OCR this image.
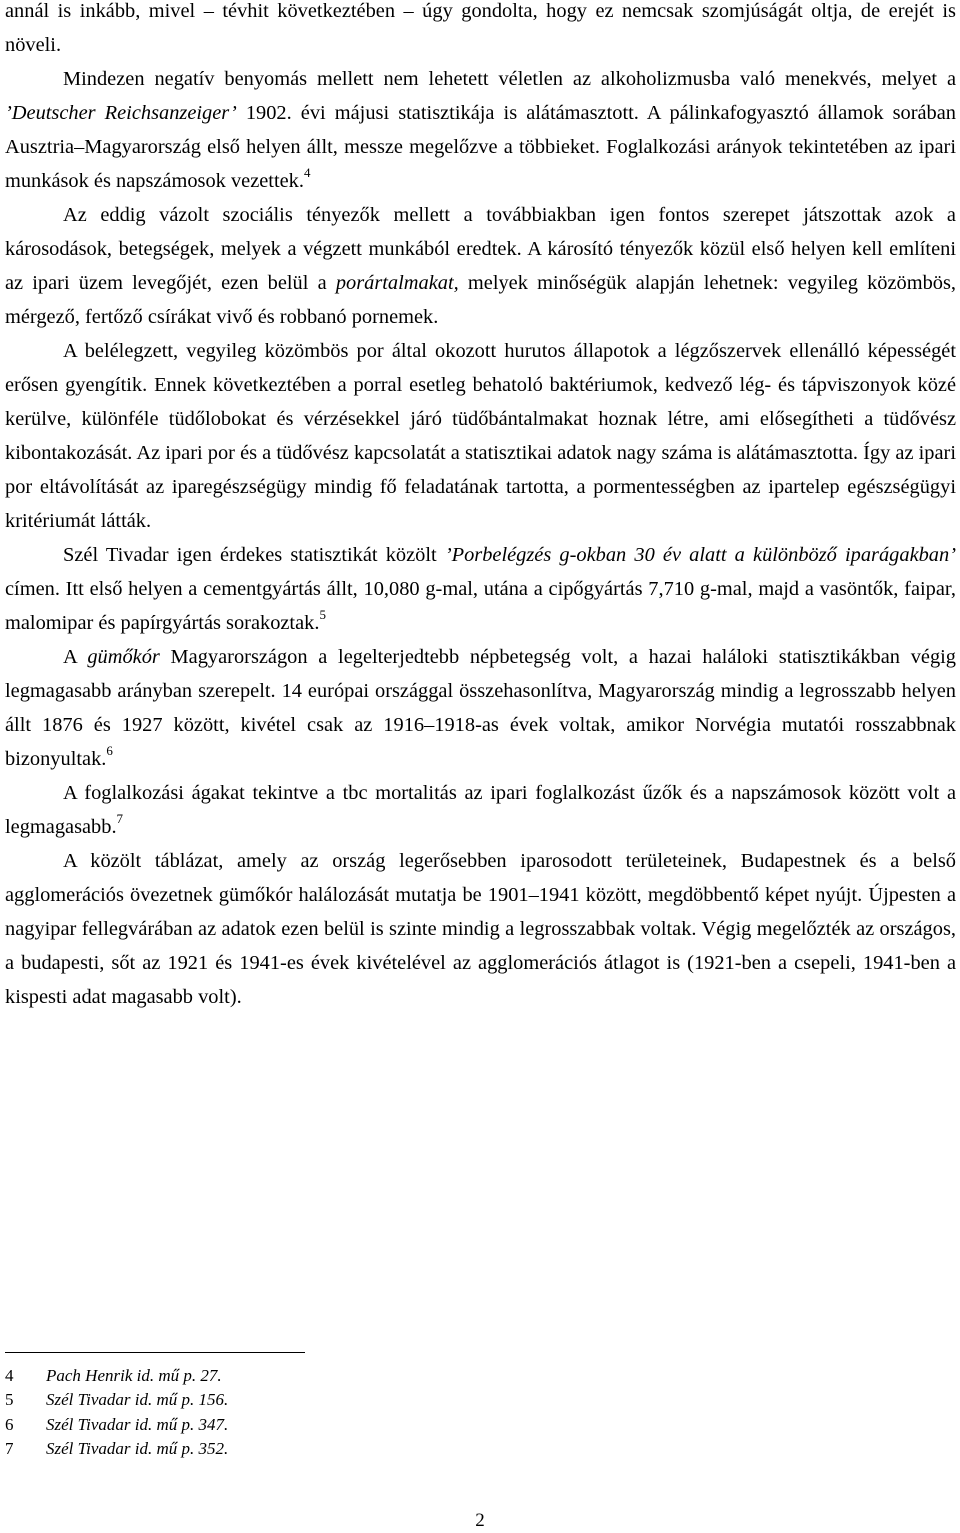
annál is inkább, mivel – tévhit következtében – úgy gondolta, hogy ez nemcsak szomjúságát oltja, de erejét is növeli.

Mindezen negatív benyomás mellett nem lehetett véletlen az alkoholizmusba való menekvés, melyet a ’Deutscher Reichsanzeiger’ 1902. évi májusi statisztikája is alátámasztott. A pálinkafogyasztó államok sorában Ausztria–Magyarország első helyen állt, messze megelőzve a többieket. Foglalkozási arányok tekintetében az ipari munkások és napszámosok vezettek.$^4$

Az eddig vázolt szociális tényezők mellett a továbbiakban igen fontos szerepet játszottak azok a károsodások, betegségek, melyek a végzett munkából eredtek. A károsító tényezők közül első helyen kell említeni az ipari üzem levegőjét, ezen belül a porártalmakat, melyek minőségük alapján lehetnek: vegyileg közömbös, mérgező, fertőző csírákat vivő és robbanó pornemek.

A belélegzett, vegyileg közömbös por által okozott hurutos állapotok a légzőszervek ellenálló képességét erősen gyengítik. Ennek következtében a porral esetleg behatoló baktériumok, kedvező lég- és tápviszonyok közé kerülve, különféle tüdőlobokat és vérzésekkel járó tüdőbántalmakat hoznak létre, ami elősegítheti a tüdővész kibontakozását. Az ipari por és a tüdővész kapcsolatát a statisztikai adatok nagy száma is alátámasztotta. Így az ipari por eltávolítását az iparegészségügy mindig fő feladatának tartotta, a pormentességben az ipartelep egészségügyi kritériumát látták.

Szél Tivadar igen érdekes statisztikát közölt ’Porbelégzés g-okban 30 év alatt a különböző iparágakban’ címen. Itt első helyen a cementgyártás állt, 10,080 g-mal, utána a cipőgyártás 7,710 g-mal, majd a vasöntők, faipar, malomipar és papírgyártás sorakoztak.$^5$

A gümőkór Magyarországon a legelterjedtebb népbetegség volt, a hazai haláloki statisztikákban végig legmagasabb arányban szerepelt. 14 európai országgal összehasonlítva, Magyarország mindig a legrosszabb helyen állt 1876 és 1927 között, kivétel csak az 1916–1918-as évek voltak, amikor Norvégia mutatói rosszabbnak bizonyultak.$^6$

A foglalkozási ágakat tekintve a tbc mortalitás az ipari foglalkozást űzők és a napszámosok között volt a legmagasabb.$^7$

A közölt táblázat, amely az ország legerősebben iparosodott területeinek, Budapestnek és a belső agglomerációs övezetnek gümőkór halálozását mutatja be 1901–1941 között, megdöbbentő képet nyújt. Újpesten a nagyipar fellegvárában az adatok ezen belül is szinte mindig a legrosszabbak voltak. Végig megelőzték az országos, a budapesti, sőt az 1921 és 1941-es évek kivételével az agglomerációs átlagot is (1921-ben a csepeli, 1941-ben a kispesti adat magasabb volt).

4	Pach Henrik id. mű p. 27.
5	Szél Tivadar id. mű p. 156.
6	Szél Tivadar id. mű p. 347.
7	Szél Tivadar id. mű p. 352.
2
